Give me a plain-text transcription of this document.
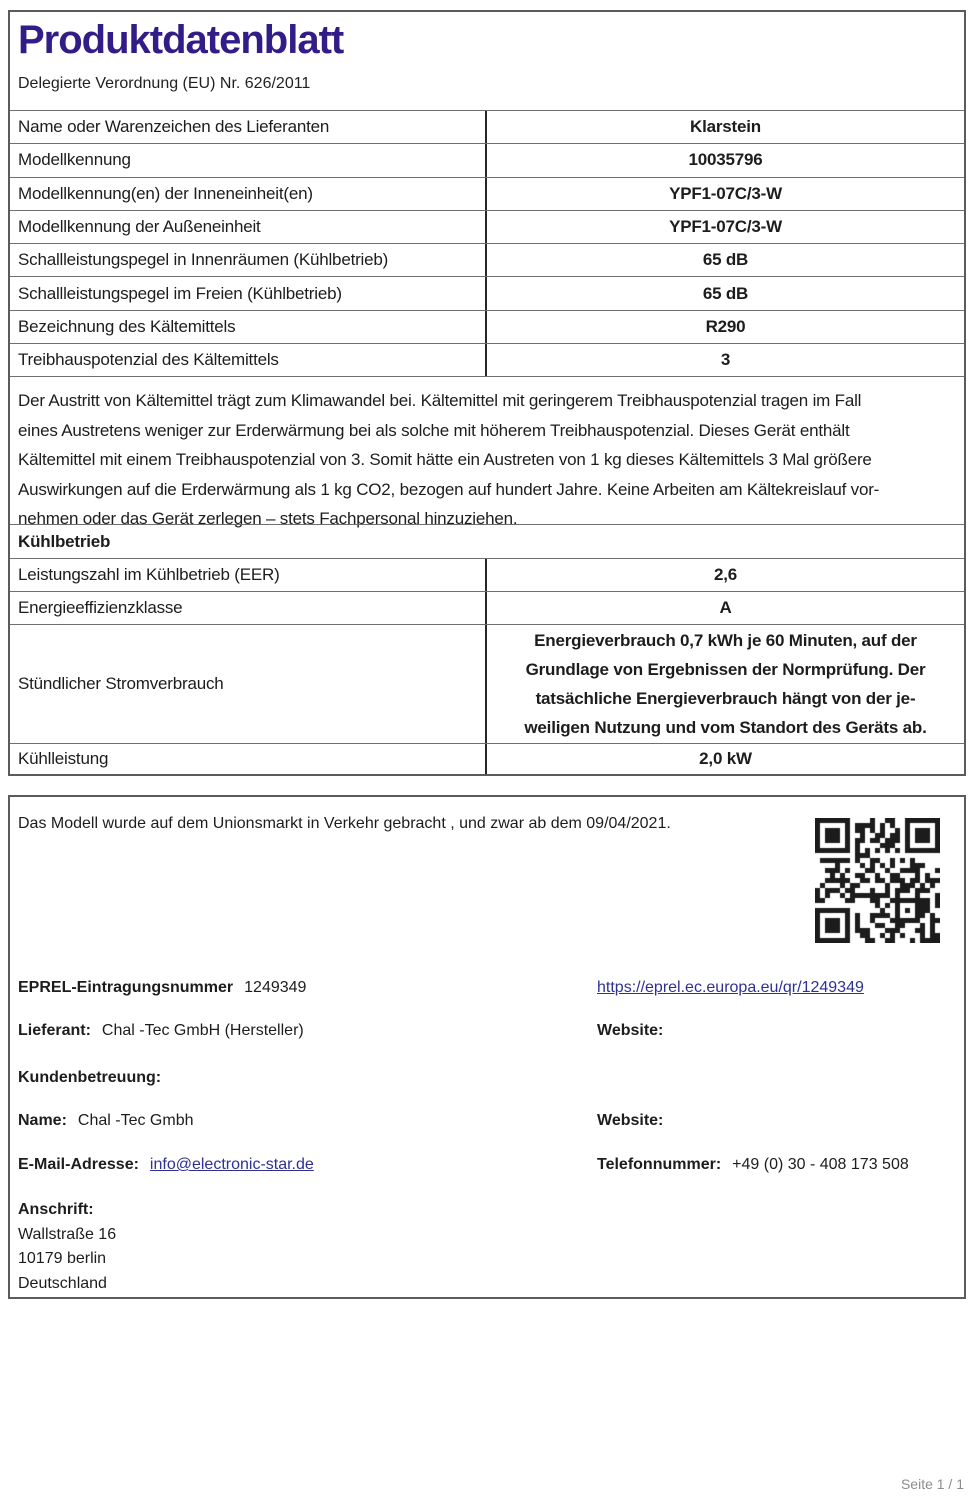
Produktdatenblatt

Delegierte Verordnung (EU) Nr. 626/2011

Name oder Warenzeichen des Lieferanten	Klarstein
Modellkennung	10035796
Modellkennung(en) der Inneneinheit(en)	YPF1-07C/3-W
Modellkennung der Außeneinheit	YPF1-07C/3-W
Schallleistungspegel in Innenräumen (Kühlbetrieb)	65 dB
Schallleistungspegel im Freien (Kühlbetrieb)	65 dB
Bezeichnung des Kältemittels	R290
Treibhauspotenzial des Kältemittels	3
Der Austritt von Kältemittel trägt zum Klimawandel bei. Kältemittel mit geringerem Treibhauspotenzial tragen im Fall
eines Austretens weniger zur Erderwärmung bei als solche mit höherem Treibhauspotenzial. Dieses Gerät enthält
Kältemittel mit einem Treibhauspotenzial von 3. Somit hätte ein Austreten von 1 kg dieses Kältemittels 3 Mal größere
Auswirkungen auf die Erderwärmung als 1 kg CO2, bezogen auf hundert Jahre. Keine Arbeiten am Kältekreislauf vor-
nehmen oder das Gerät zerlegen – stets Fachpersonal hinzuziehen.
Kühlbetrieb
Leistungszahl im Kühlbetrieb (EER)	2,6
Energieeffizienzklasse	A
Stündlicher Stromverbrauch
Energieverbrauch 0,7 kWh je 60 Minuten, auf der
Grundlage von Ergebnissen der Normprüfung. Der
tatsächliche Energieverbrauch hängt von der je-
weiligen Nutzung und vom Standort des Geräts ab.
Kühlleistung	2,0 kW
Das Modell wurde auf dem Unionsmarkt in Verkehr gebracht , und zwar ab dem 09/04/2021.
EPREL-Eintragungsnummer 1249349	https://eprel.ec.europa.eu/qr/1249349
Lieferant: Chal -Tec GmbH (Hersteller)	Website:
Kundenbetreuung:
Name: Chal -Tec Gmbh	Website:
E-Mail-Adresse: info@electronic-star.de	Telefonnummer: +49 (0) 30 - 408 173 508
Anschrift:
Wallstraße 16
10179 berlin
Deutschland
Seite 1 / 1
